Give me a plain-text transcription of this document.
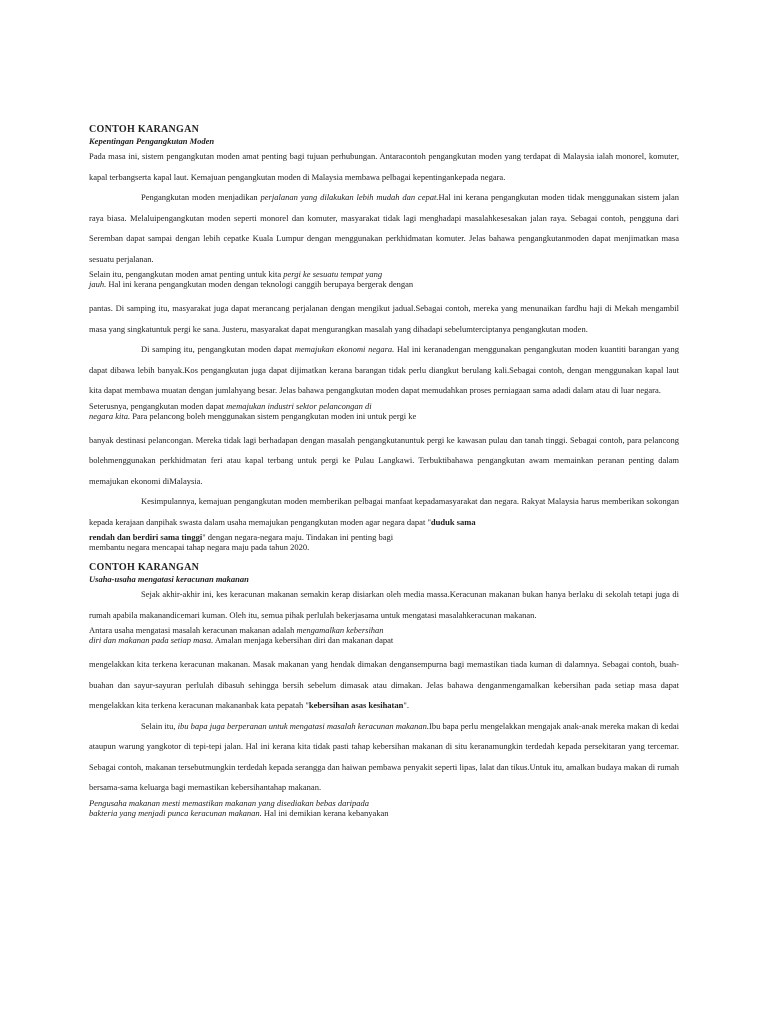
CONTOH KARANGAN
Kepentingan Pengangkutan Moden

Pada masa ini, sistem pengangkutan moden amat penting bagi tujuan perhubungan. Antaracontoh pengangkutan moden yang terdapat di Malaysia ialah monorel, komuter, kapal terbangserta kapal laut. Kemajuan pengangkutan moden di Malaysia membawa pelbagai kepentingankepada negara.

Pengangkutan moden menjadikan perjalanan yang dilakukan lebih mudah dan cepat.Hal ini kerana pengangkutan moden tidak menggunakan sistem jalan raya biasa. Melaluipengangkutan moden seperti monorel dan komuter, masyarakat tidak lagi menghadapi masalahkesesakan jalan raya. Sebagai contoh, pengguna dari Seremban dapat sampai dengan lebih cepatke Kuala Lumpur dengan menggunakan perkhidmatan komuter. Jelas bahawa pengangkutanmoden dapat menjimatkan masa sesuatu perjalanan.

Selain itu, pengangkutan moden amat penting untuk kita pergi ke sesuatu tempat yang

jauh. Hal ini kerana pengangkutan moden dengan teknologi canggih berupaya bergerak dengan

pantas. Di samping itu, masyarakat juga dapat merancang perjalanan dengan mengikut jadual.Sebagai contoh, mereka yang menunaikan fardhu haji di Mekah mengambil masa yang singkatuntuk pergi ke sana. Justeru, masyarakat dapat mengurangkan masalah yang dihadapi sebelumterciptanya pengangkutan moden.

Di samping itu, pengangkutan moden dapat memajukan ekonomi negara. Hal ini keranadengan menggunakan pengangkutan moden kuantiti barangan yang dapat dibawa lebih banyak.Kos pengangkutan juga dapat dijimatkan kerana barangan tidak perlu diangkut berulang kali.Sebagai contoh, dengan menggunakan kapal laut kita dapat membawa muatan dengan jumlahyang besar. Jelas bahawa pengangkutan moden dapat memudahkan proses perniagaan sama adadi dalam atau di luar negara.

Seterusnya, pengangkutan moden dapat memajukan industri sektor pelancongan di

negara kita. Para pelancong boleh menggunakan sistem pengangkutan moden ini untuk pergi ke

banyak destinasi pelancongan. Mereka tidak lagi berhadapan dengan masalah pengangkutanuntuk pergi ke kawasan pulau dan tanah tinggi. Sebagai contoh, para pelancong bolehmenggunakan perkhidmatan feri atau kapal terbang untuk pergi ke Pulau Langkawi. Terbuktibahawa pengangkutan awam memainkan peranan penting dalam memajukan ekonomi diMalaysia.

Kesimpulannya, kemajuan pengangkutan moden memberikan pelbagai manfaat kepadamasyarakat dan negara. Rakyat Malaysia harus memberikan sokongan kepada kerajaan danpihak swasta dalam usaha memajukan pengangkutan moden agar negara dapat "duduk sama

rendah dan berdiri sama tinggi" dengan negara-negara maju. Tindakan ini penting bagi

membantu negara mencapai tahap negara maju pada tahun 2020.

CONTOH KARANGAN
Usaha-usaha mengatasi keracunan makanan

Sejak akhir-akhir ini, kes keracunan makanan semakin kerap disiarkan oleh media massa.Keracunan makanan bukan hanya berlaku di sekolah tetapi juga di rumah apabila makanandicemari kuman. Oleh itu, semua pihak perlulah bekerjasama untuk mengatasi masalahkeracunan makanan.

Antara usaha mengatasi masalah keracunan makanan adalah mengamalkan kebersihan

diri dan makanan pada setiap masa. Amalan menjaga kebersihan diri dan makanan dapat

mengelakkan kita terkena keracunan makanan. Masak makanan yang hendak dimakan dengansempurna bagi memastikan tiada kuman di dalamnya. Sebagai contoh, buah-buahan dan sayur-sayuran perlulah dibasuh sehingga bersih sebelum dimasak atau dimakan. Jelas bahawa denganmengamalkan kebersihan pada setiap masa dapat mengelakkan kita terkena keracunan makananbak kata pepatah "kebersihan asas kesihatan".

Selain itu, ibu bapa juga berperanan untuk mengatasi masalah keracunan makanan.Ibu bapa perlu mengelakkan mengajak anak-anak mereka makan di kedai ataupun warung yangkotor di tepi-tepi jalan. Hal ini kerana kita tidak pasti tahap kebersihan makanan di situ keranamungkin terdedah kepada persekitaran yang tercemar. Sebagai contoh, makanan tersebutmungkin terdedah kepada serangga dan haiwan pembawa penyakit seperti lipas, lalat dan tikus.Untuk itu, amalkan budaya makan di rumah bersama-sama keluarga bagi memastikan kebersihantahap makanan.

Pengusaha makanan mesti memastikan makanan yang disediakan bebas daripada

bakteria yang menjadi punca keracunan makanan. Hal ini demikian kerana kebanyakan
